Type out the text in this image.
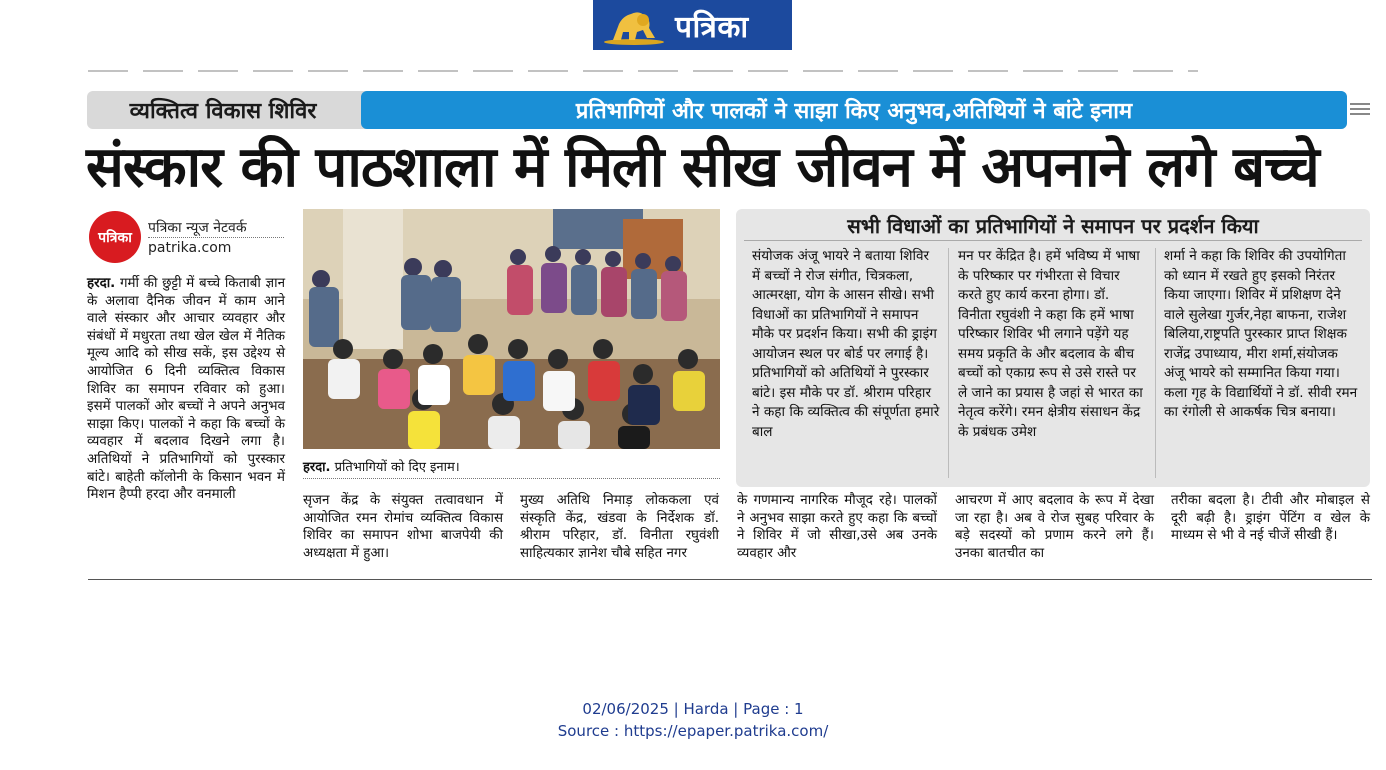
पत्रिका
व्यक्तित्व विकास शिविर	प्रतिभागियों और पालकों ने साझा किए अनुभव,अतिथियों ने बांटे इनाम
संस्कार की पाठशाला में मिली सीख जीवन में अपनाने लगे बच्चे
पत्रिका
पत्रिका न्यूज नेटवर्क
patrika.com
हरदा. गर्मी की छुट्टी में बच्चे किताबी ज्ञान के अलावा दैनिक जीवन में काम आने वाले संस्कार और आचार व्यवहार और संबंधों में मधुरता तथा खेल खेल में नैतिक मूल्य आदि को सीख सकें, इस उद्देश्य से आयोजित 6 दिनी व्यक्तित्व विकास शिविर का समापन रविवार को हुआ। इसमें पालकों ओर बच्चों ने अपने अनुभव साझा किए। पालकों ने कहा कि बच्चों के व्यवहार में बदलाव दिखने लगा है। अतिथियों ने प्रतिभागियों को पुरस्कार बांटे। बाहेती कॉलोनी के किसान भवन में मिशन हैप्पी हरदा और वनमाली	सृजन केंद्र के संयुक्त तत्वावधान में आयोजित रमन रोमांच व्यक्तित्व विकास शिविर का समापन शोभा बाजपेयी की अध्यक्षता में हुआ।
मुख्य अतिथि निमाड़ लोककला एवं संस्कृति केंद्र, खंडवा के निर्देशक डॉ. श्रीराम परिहार, डॉ. विनीता रघुवंशी साहित्यकार ज्ञानेश चौबे सहित नगर
के गणमान्य नागरिक मौजूद रहे। पालकों ने अनुभव साझा करते हुए कहा कि बच्चों ने शिविर में जो सीखा,उसे अब उनके व्यवहार और
आचरण में आए बदलाव के रूप में देखा जा रहा है। अब वे रोज सुबह परिवार के बड़े सदस्यों को प्रणाम करने लगे हैं। उनका बातचीत का
तरीका बदला है। टीवी और मोबाइल से दूरी बढ़ी है। ड्राइंग पेंटिंग व खेल के माध्यम से भी वे नई चीजें सीखी हैं।
हरदा. प्रतिभागियों को दिए इनाम।
सभी विधाओं का प्रतिभागियों ने समापन पर प्रदर्शन किया
संयोजक अंजू भायरे ने बताया शिविर में बच्चों ने रोज संगीत, चित्रकला, आत्मरक्षा, योग के आसन सीखे। सभी विधाओं का प्रतिभागियों ने समापन मौके पर प्रदर्शन किया। सभी की ड्राइंग आयोजन स्थल पर बोर्ड पर लगाई है। प्रतिभागियों को अतिथियों ने पुरस्कार बांटे। इस मौके पर डॉ. श्रीराम परिहार ने कहा कि व्यक्तित्व की संपूर्णता हमारे बाल
मन पर केंद्रित है। हमें भविष्य में भाषा के परिष्कार पर गंभीरता से विचार करते हुए कार्य करना होगा। डॉ. विनीता रघुवंशी ने कहा कि हमें भाषा परिष्कार शिविर भी लगाने पड़ेंगे यह समय प्रकृति के और बदलाव के बीच बच्चों को एकाग्र रूप से उसे रास्ते पर ले जाने का प्रयास है जहां से भारत का नेतृत्व करेंगे। रमन क्षेत्रीय संसाधन केंद्र के प्रबंधक उमेश
शर्मा ने कहा कि शिविर की उपयोगिता को ध्यान में रखते हुए इसको निरंतर किया जाएगा। शिविर में प्रशिक्षण देने वाले सुलेखा गुर्जर,नेहा बाफना, राजेश बिलिया,राष्ट्रपति पुरस्कार प्राप्त शिक्षक राजेंद्र उपाध्याय, मीरा शर्मा,संयोजक अंजू भायरे को सम्मानित किया गया। कला गृह के विद्यार्थियों ने डॉ. सीवी रमन का रंगोली से आकर्षक चित्र बनाया।
02/06/2025 | Harda | Page : 1
Source : https://epaper.patrika.com/
